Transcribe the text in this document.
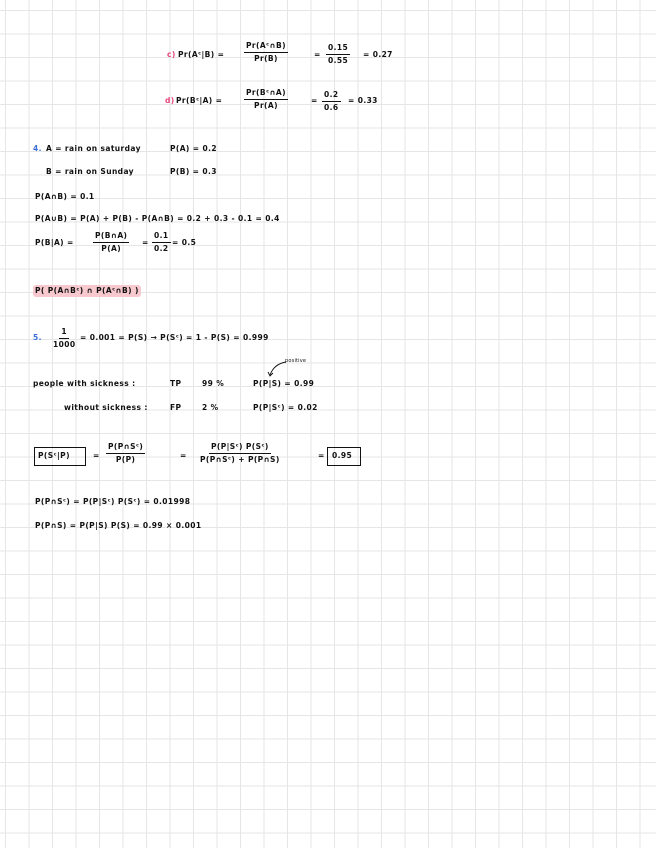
c) Pr(Aᶜ|B) =	$\frac{\text{Pr(Aᶜ∩B)}}{Pr(B)}$	= $\frac{0.15}{0.55} = 0.27$
d) Pr(Bᶜ|A) =	$\frac{\text{Pr(Bᶜ∩A)}}{Pr(A)}$	= $\frac{0.2}{0.6} = 0.33$
4. A = rain on saturday	P(A) = 0.2
B = rain on Sunday	P(B) = 0.3
P(A∩B) = 0.1
P(A∪B) = P(A) + P(B) - P(A∩B) = 0.2 + 0.3 - 0.1 = 0.4
P(B|A) =	$\frac{P(B\cap A)}{P(A)} = \frac{0.1}{0.2} = 0.5$
P( P(A∩Bᶜ) ∩ P(Aᶜ∩B) )
5. $\frac{1}{1000} = 0.001 = P(S)$ → P(Sᶜ) = 1 - P(S) = 0.999
positive
people with sickness :	TP	99 %	P(P|S) = 0.99
without sickness :	FP	2 %	P(P|Sᶜ) = 0.02
P(Sᶜ|P)	= $\frac{\text{P(P∩Sᶜ)}}{P(P)}$	= $\frac{\text{P(P|Sᶜ) P(Sᶜ)}}{\text{P(P∩Sᶜ) + P(P∩S)}}$	= 0.95
P(P∩Sᶜ) = P(P|Sᶜ) P(Sᶜ) = 0.01998
P(P∩S) = P(P|S) P(S) = 0.99 × 0.001
